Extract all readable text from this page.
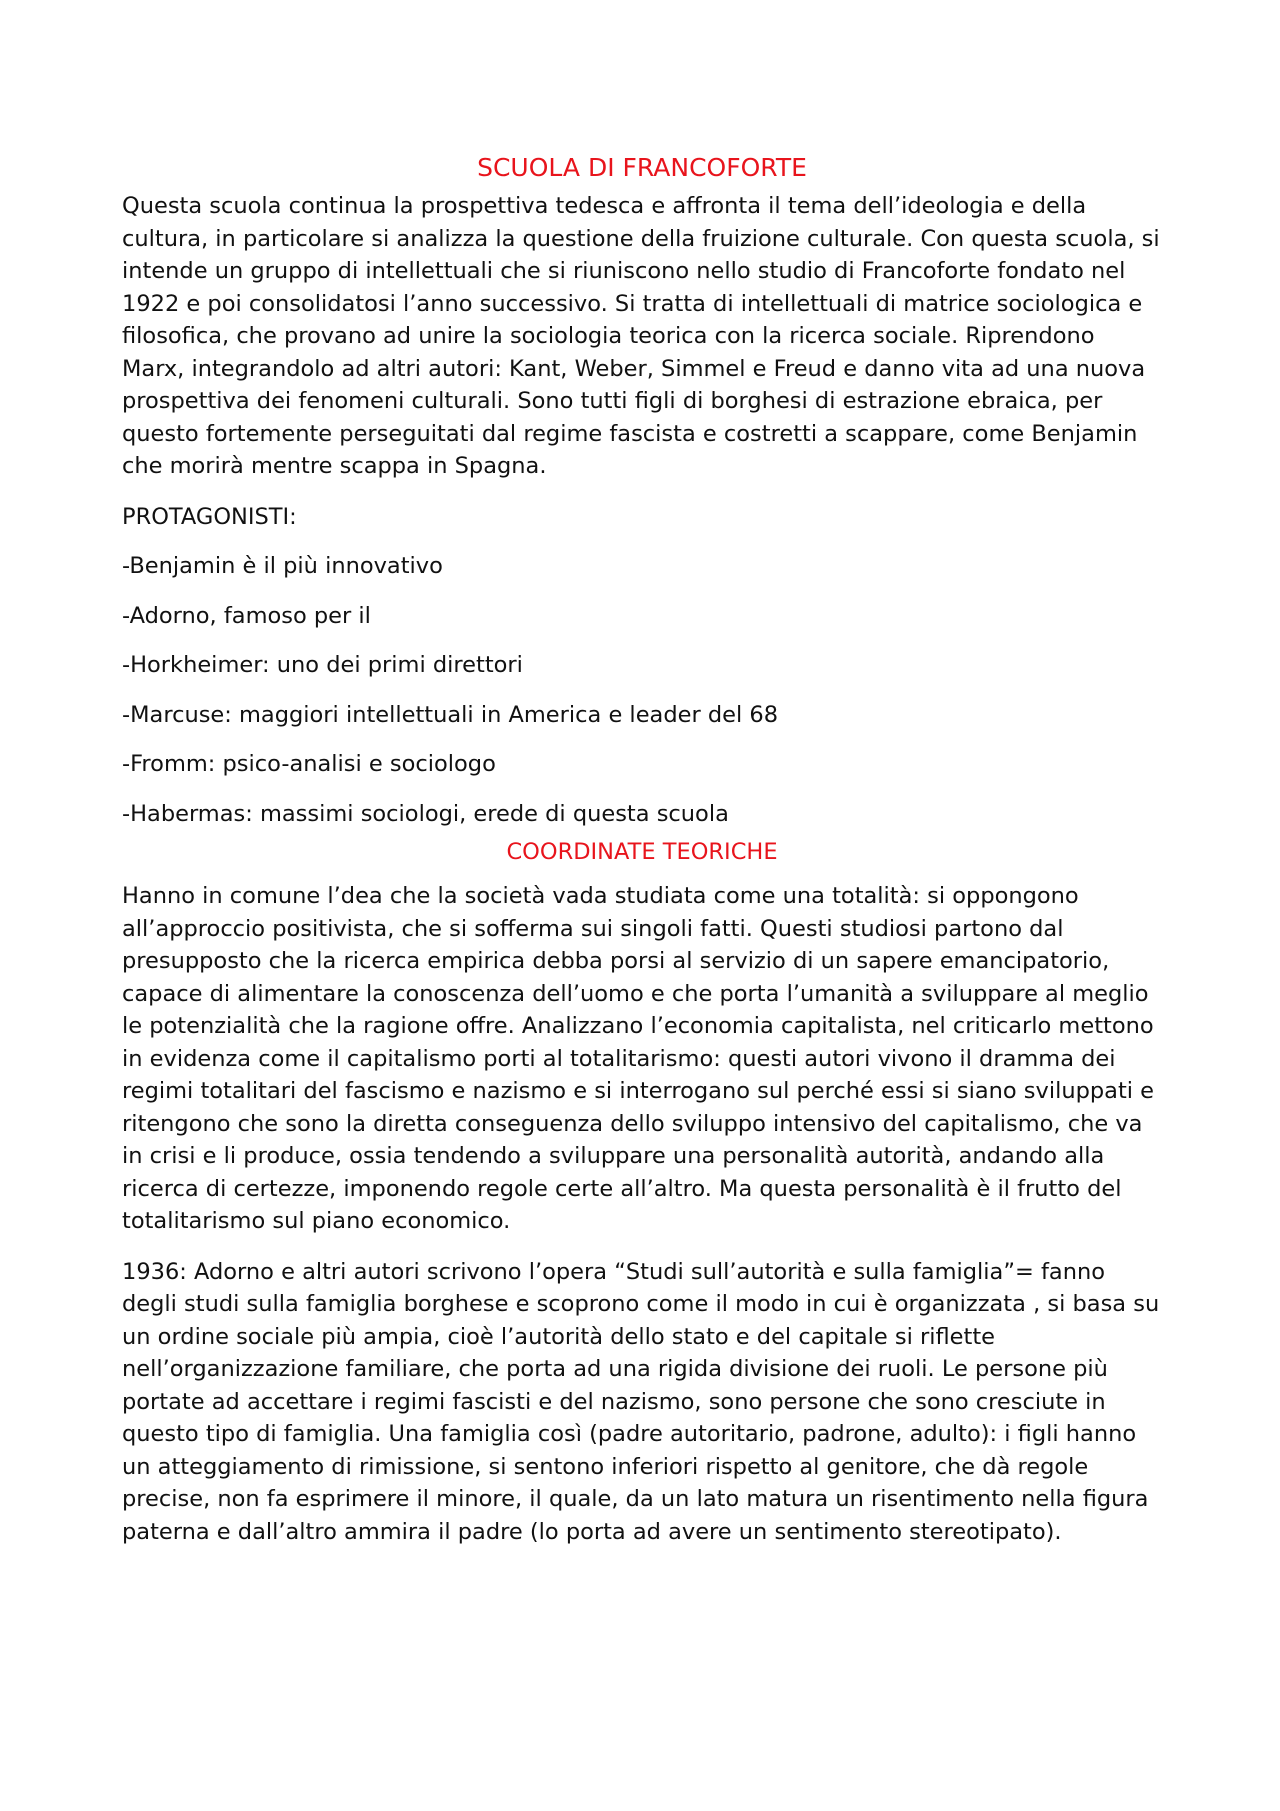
SCUOLA DI FRANCOFORTE

Questa scuola continua la prospettiva tedesca e affronta il tema dell’ideologia e della cultura, in particolare si analizza la questione della fruizione culturale. Con questa scuola, si intende un gruppo di intellettuali che si riuniscono nello studio di Francoforte fondato nel 1922 e poi consolidatosi l’anno successivo. Si tratta di intellettuali di matrice sociologica e filosofica, che provano ad unire la sociologia teorica con la ricerca sociale. Riprendono Marx, integrandolo ad altri autori: Kant, Weber, Simmel e Freud e danno vita ad una nuova prospettiva dei fenomeni culturali. Sono tutti figli di borghesi di estrazione ebraica, per questo fortemente perseguitati dal regime fascista e costretti a scappare, come Benjamin che morirà mentre scappa in Spagna.

PROTAGONISTI:

-Benjamin è il più innovativo

-Adorno, famoso per il

-Horkheimer: uno dei primi direttori

-Marcuse: maggiori intellettuali in America e leader del 68

-Fromm: psico-analisi e sociologo

-Habermas: massimi sociologi, erede di questa scuola

COORDINATE TEORICHE

Hanno in comune l’dea che la società vada studiata come una totalità: si oppongono all’approccio positivista, che si sofferma sui singoli fatti. Questi studiosi partono dal presupposto che la ricerca empirica debba porsi al servizio di un sapere emancipatorio, capace di alimentare la conoscenza dell’uomo e che porta l’umanità a sviluppare al meglio le potenzialità che la ragione offre. Analizzano l’economia capitalista, nel criticarlo mettono in evidenza come il capitalismo porti al totalitarismo: questi autori vivono il dramma dei regimi totalitari del fascismo e nazismo e si interrogano sul perché essi si siano sviluppati e ritengono che sono la diretta conseguenza dello sviluppo intensivo del capitalismo, che va in crisi e li produce, ossia tendendo a sviluppare una personalità autorità, andando alla ricerca di certezze, imponendo regole certe all’altro. Ma questa personalità è il frutto del totalitarismo sul piano economico.

1936: Adorno e altri autori scrivono l’opera “Studi sull’autorità e sulla famiglia”= fanno degli studi sulla famiglia borghese e scoprono come il modo in cui è organizzata , si basa su un ordine sociale più ampia, cioè l’autorità dello stato e del capitale si riflette nell’organizzazione familiare, che porta ad una rigida divisione dei ruoli. Le persone più portate ad accettare i regimi fascisti e del nazismo, sono persone che sono cresciute in questo tipo di famiglia. Una famiglia così (padre autoritario, padrone, adulto): i figli hanno un atteggiamento di rimissione, si sentono inferiori rispetto al genitore, che dà regole precise, non fa esprimere il minore, il quale, da un lato matura un risentimento nella figura paterna e dall’altro ammira il padre (lo porta ad avere un sentimento stereotipato).
